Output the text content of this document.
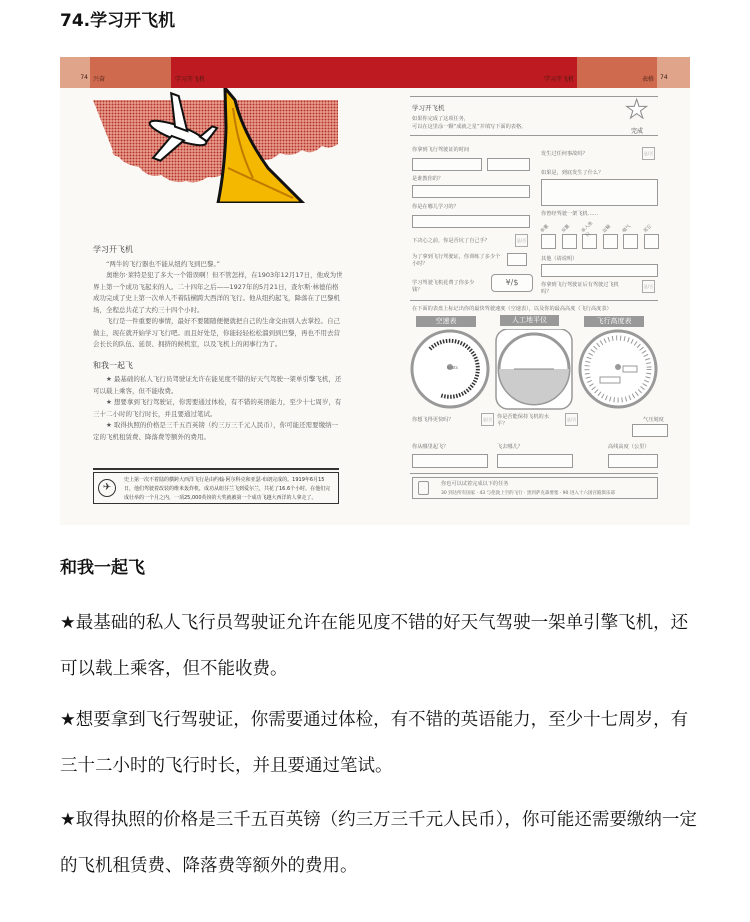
74.学习开飞机
74 兴奋	学习开飞机	学习开飞机	表格	74
学习开飞机

“两牛的飞行器也不能从纽约飞到巴黎。”

奥维尔·莱特是犯了多大一个错误啊！但不管怎样，在1903年12月17日，他成为世界上第一个成功飞起来的人。二十四年之后——1927年的5月21日，查尔斯·林德伯格成功完成了史上第一次单人不着陆横跨大西洋的飞行。他从纽约起飞，降落在了巴黎机场，全程总共花了大约三十四个小时。

飞行是一件重要的事情，最好不要随随便便就把自己的生命交由别人去掌控。自己做主，现在就开始学习飞行吧。而且好处是，你能轻轻松松溜到到巴黎，再也不用去营会长长的队伍、延误、拥挤的候机室，以及飞机上的闲事行为了。

和我一起飞

★ 最基础的私人飞行员驾驶证允许在能见度不错的好天气驾驶一架单引擎飞机，还可以载上乘客，但不能收费。

★ 想要拿到飞行驾驶证，你需要通过体检，有不错的英语能力，至少十七周岁，有三十二小时的飞行时长，并且要通过笔试。

★ 取得执照的价格是三千五百英镑（约三万三千元人民币），你可能还需要缴纳一定的飞机租赁费、降落费等额外的费用。

✈
史上第一次不着陆的横跨大西洋飞行是由约翰·阿尔科克和亚瑟·布朗完成的。1919年6月15日，他们驾驶着改装的维米轰炸机，成功从纽芬兰飞到爱尔兰，共花了16.6个小时。在他们完成壮举的一个月之内，一项25,000英镑的大奖就被第一个成功飞越大西洋的人拿走了。
学习开飞机
如果你完成了这项任务，
可以在这里涂一颗“成就之星”并填写下面的表格。
★
完成
你拿到飞行驾驶证的时间
是谁教你的？
你是在哪儿学习的？
下决心之前，你是否坑了自己手？	是/否
为了拿到飞行驾驶证，你训练了多少个小时？
学习驾驶飞机花费了你多少钱？
¥/$
发生过任何事故吗？	是/否
如果是，到底发生了什么？
你曾经驾驶一架飞机……
单翼	双翼	单人座位
运输	喷气	其它
其他（请说明）
你拿到飞行驾驶证后有驾驶过飞机吗？
是/否
在下面的表盘上标记出你的最快驾驶速度（空速表），以及你的最高高度（飞行高度表）
空速表	人工地平仪	飞行高度表
knots
你想飞得更快吗？	是/否 你是否能保持飞机的水平？
是/否	气压刻度
你从哪里起飞？	飞去哪儿？	高线高度（公里）
你也可以试着完成以下的任务
30 到达所有国家 · 43 与伦敦上空的飞行 · 黑到萨克森要塞 · 90 进入十六国宫殿俱乐部
和我一起飞
★最基础的私人飞行员驾驶证允许在能见度不错的好天气驾驶一架单引擎飞机，还可以载上乘客，但不能收费。
★想要拿到飞行驾驶证，你需要通过体检，有不错的英语能力，至少十七周岁，有三十二小时的飞行时长，并且要通过笔试。
★取得执照的价格是三千五百英镑（约三万三千元人民币），你可能还需要缴纳一定的飞机租赁费、降落费等额外的费用。
